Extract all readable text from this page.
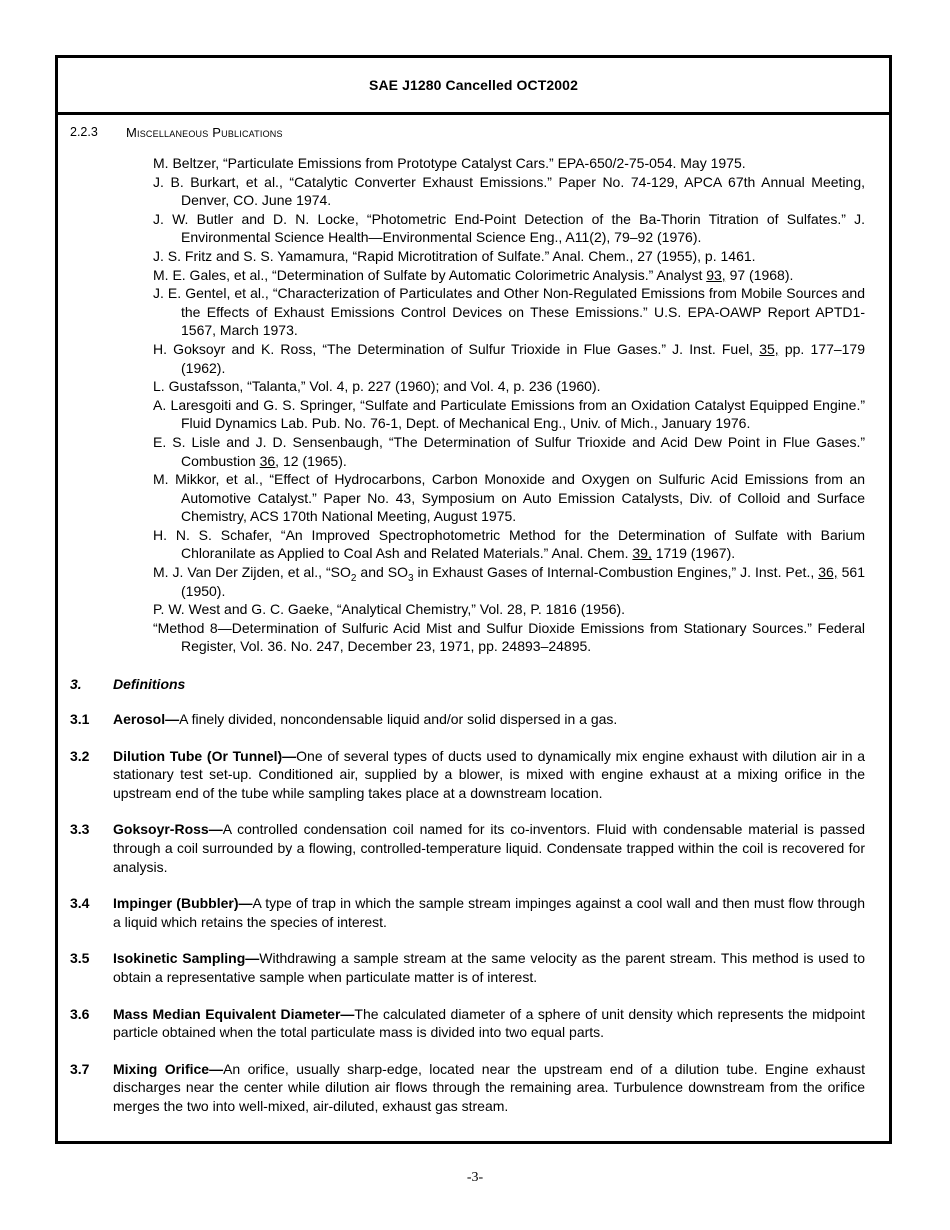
SAE J1280 Cancelled OCT2002
2.2.3	Miscellaneous Publications

M. Beltzer, “Particulate Emissions from Prototype Catalyst Cars.” EPA-650/2-75-054. May 1975.

J. B. Burkart, et al., “Catalytic Converter Exhaust Emissions.” Paper No. 74-129, APCA 67th Annual Meeting, Denver, CO. June 1974.

J. W. Butler and D. N. Locke, “Photometric End-Point Detection of the Ba-Thorin Titration of Sulfates.” J. Environmental Science Health—Environmental Science Eng., A11(2), 79–92 (1976).

J. S. Fritz and S. S. Yamamura, “Rapid Microtitration of Sulfate.” Anal. Chem., 27 (1955), p. 1461.

M. E. Gales, et al., “Determination of Sulfate by Automatic Colorimetric Analysis.” Analyst 93, 97 (1968).

J. E. Gentel, et al., “Characterization of Particulates and Other Non-Regulated Emissions from Mobile Sources and the Effects of Exhaust Emissions Control Devices on These Emissions.” U.S. EPA-OAWP Report APTD1-1567, March 1973.

H. Goksoyr and K. Ross, “The Determination of Sulfur Trioxide in Flue Gases.” J. Inst. Fuel, 35, pp. 177–179 (1962).

L. Gustafsson, “Talanta,” Vol. 4, p. 227 (1960); and Vol. 4, p. 236 (1960).

A. Laresgoiti and G. S. Springer, “Sulfate and Particulate Emissions from an Oxidation Catalyst Equipped Engine.” Fluid Dynamics Lab. Pub. No. 76-1, Dept. of Mechanical Eng., Univ. of Mich., January 1976.

E. S. Lisle and J. D. Sensenbaugh, “The Determination of Sulfur Trioxide and Acid Dew Point in Flue Gases.” Combustion 36, 12 (1965).

M. Mikkor, et al., “Effect of Hydrocarbons, Carbon Monoxide and Oxygen on Sulfuric Acid Emissions from an Automotive Catalyst.” Paper No. 43, Symposium on Auto Emission Catalysts, Div. of Colloid and Surface Chemistry, ACS 170th National Meeting, August 1975.

H. N. S. Schafer, “An Improved Spectrophotometric Method for the Determination of Sulfate with Barium Chloranilate as Applied to Coal Ash and Related Materials.” Anal. Chem. 39, 1719 (1967).

M. J. Van Der Zijden, et al., “$SO_2$ and $SO_3$ in Exhaust Gases of Internal-Combustion Engines,” J. Inst. Pet., 36, 561 (1950).

P. W. West and G. C. Gaeke, “Analytical Chemistry,” Vol. 28, P. 1816 (1956).

“Method 8—Determination of Sulfuric Acid Mist and Sulfur Dioxide Emissions from Stationary Sources.” Federal Register, Vol. 36. No. 247, December 23, 1971, pp. 24893–24895.

3.	Definitions
3.1	Aerosol—A finely divided, noncondensable liquid and/or solid dispersed in a gas.
3.2	Dilution Tube (Or Tunnel)—One of several types of ducts used to dynamically mix engine exhaust with dilution air in a stationary test set-up. Conditioned air, supplied by a blower, is mixed with engine exhaust at a mixing orifice in the upstream end of the tube while sampling takes place at a downstream location.
3.3	Goksoyr-Ross—A controlled condensation coil named for its co-inventors. Fluid with condensable material is passed through a coil surrounded by a flowing, controlled-temperature liquid. Condensate trapped within the coil is recovered for analysis.
3.4	Impinger (Bubbler)—A type of trap in which the sample stream impinges against a cool wall and then must flow through a liquid which retains the species of interest.
3.5	Isokinetic Sampling—Withdrawing a sample stream at the same velocity as the parent stream. This method is used to obtain a representative sample when particulate matter is of interest.
3.6	Mass Median Equivalent Diameter—The calculated diameter of a sphere of unit density which represents the midpoint particle obtained when the total particulate mass is divided into two equal parts.
3.7	Mixing Orifice—An orifice, usually sharp-edge, located near the upstream end of a dilution tube. Engine exhaust discharges near the center while dilution air flows through the remaining area. Turbulence downstream from the orifice merges the two into well-mixed, air-diluted, exhaust gas stream.
-3-
